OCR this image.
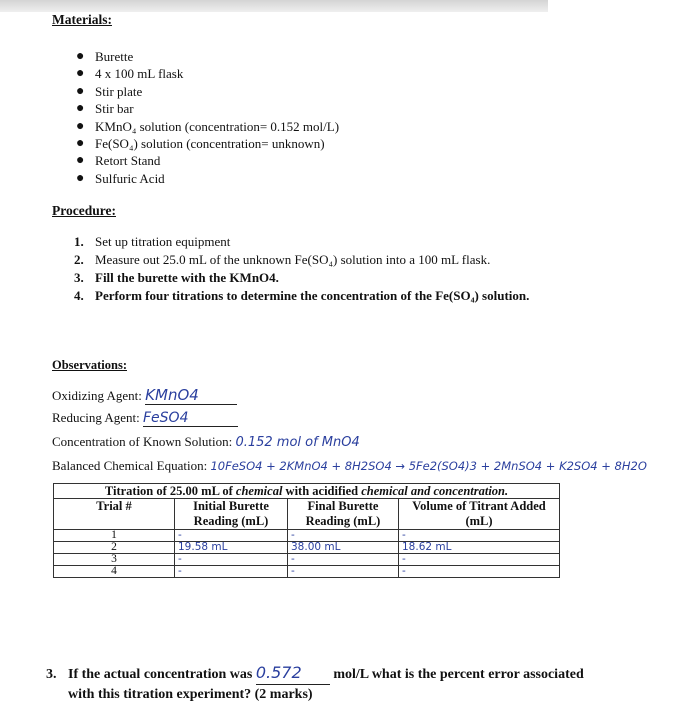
Materials:
● Burette
● 4 x 100 mL flask
● Stir plate
● Stir bar
● KMnO₄ solution (concentration= 0.152 mol/L)
● Fe(SO₄) solution (concentration= unknown)
● Retort Stand
● Sulfuric Acid
Procedure:
1. Set up titration equipment
2. Measure out 25.0 mL of the unknown Fe(SO₄) solution into a 100 mL flask.
3. Fill the burette with the KMnO4.
4. Perform four titrations to determine the concentration of the Fe(SO₄) solution.
Observations:
Oxidizing Agent: KMnO4
Reducing Agent: FeSO4
Concentration of Known Solution: 0.152 mol of MnO4
Balanced Chemical Equation: 10FeSO4 + 2KMnO4 + 8H2SO4 → 5Fe2(SO4)3 + 2MnSO4 + K2SO4 + 8H2O
Titration of 25.00 mL of chemical with acidified chemical and concentration.			
Trial #	Initial Burette Reading (mL)	Final Burette Reading (mL)	Volume of Titrant Added (mL)
1	-	-	-
2	19.58 mL	38.00 mL	18.62 mL
3	-	-	-
4	-	-	-
3. If the actual concentration was 0.572 mol/L what is the percent error associated
with this titration experiment? (2 marks)
